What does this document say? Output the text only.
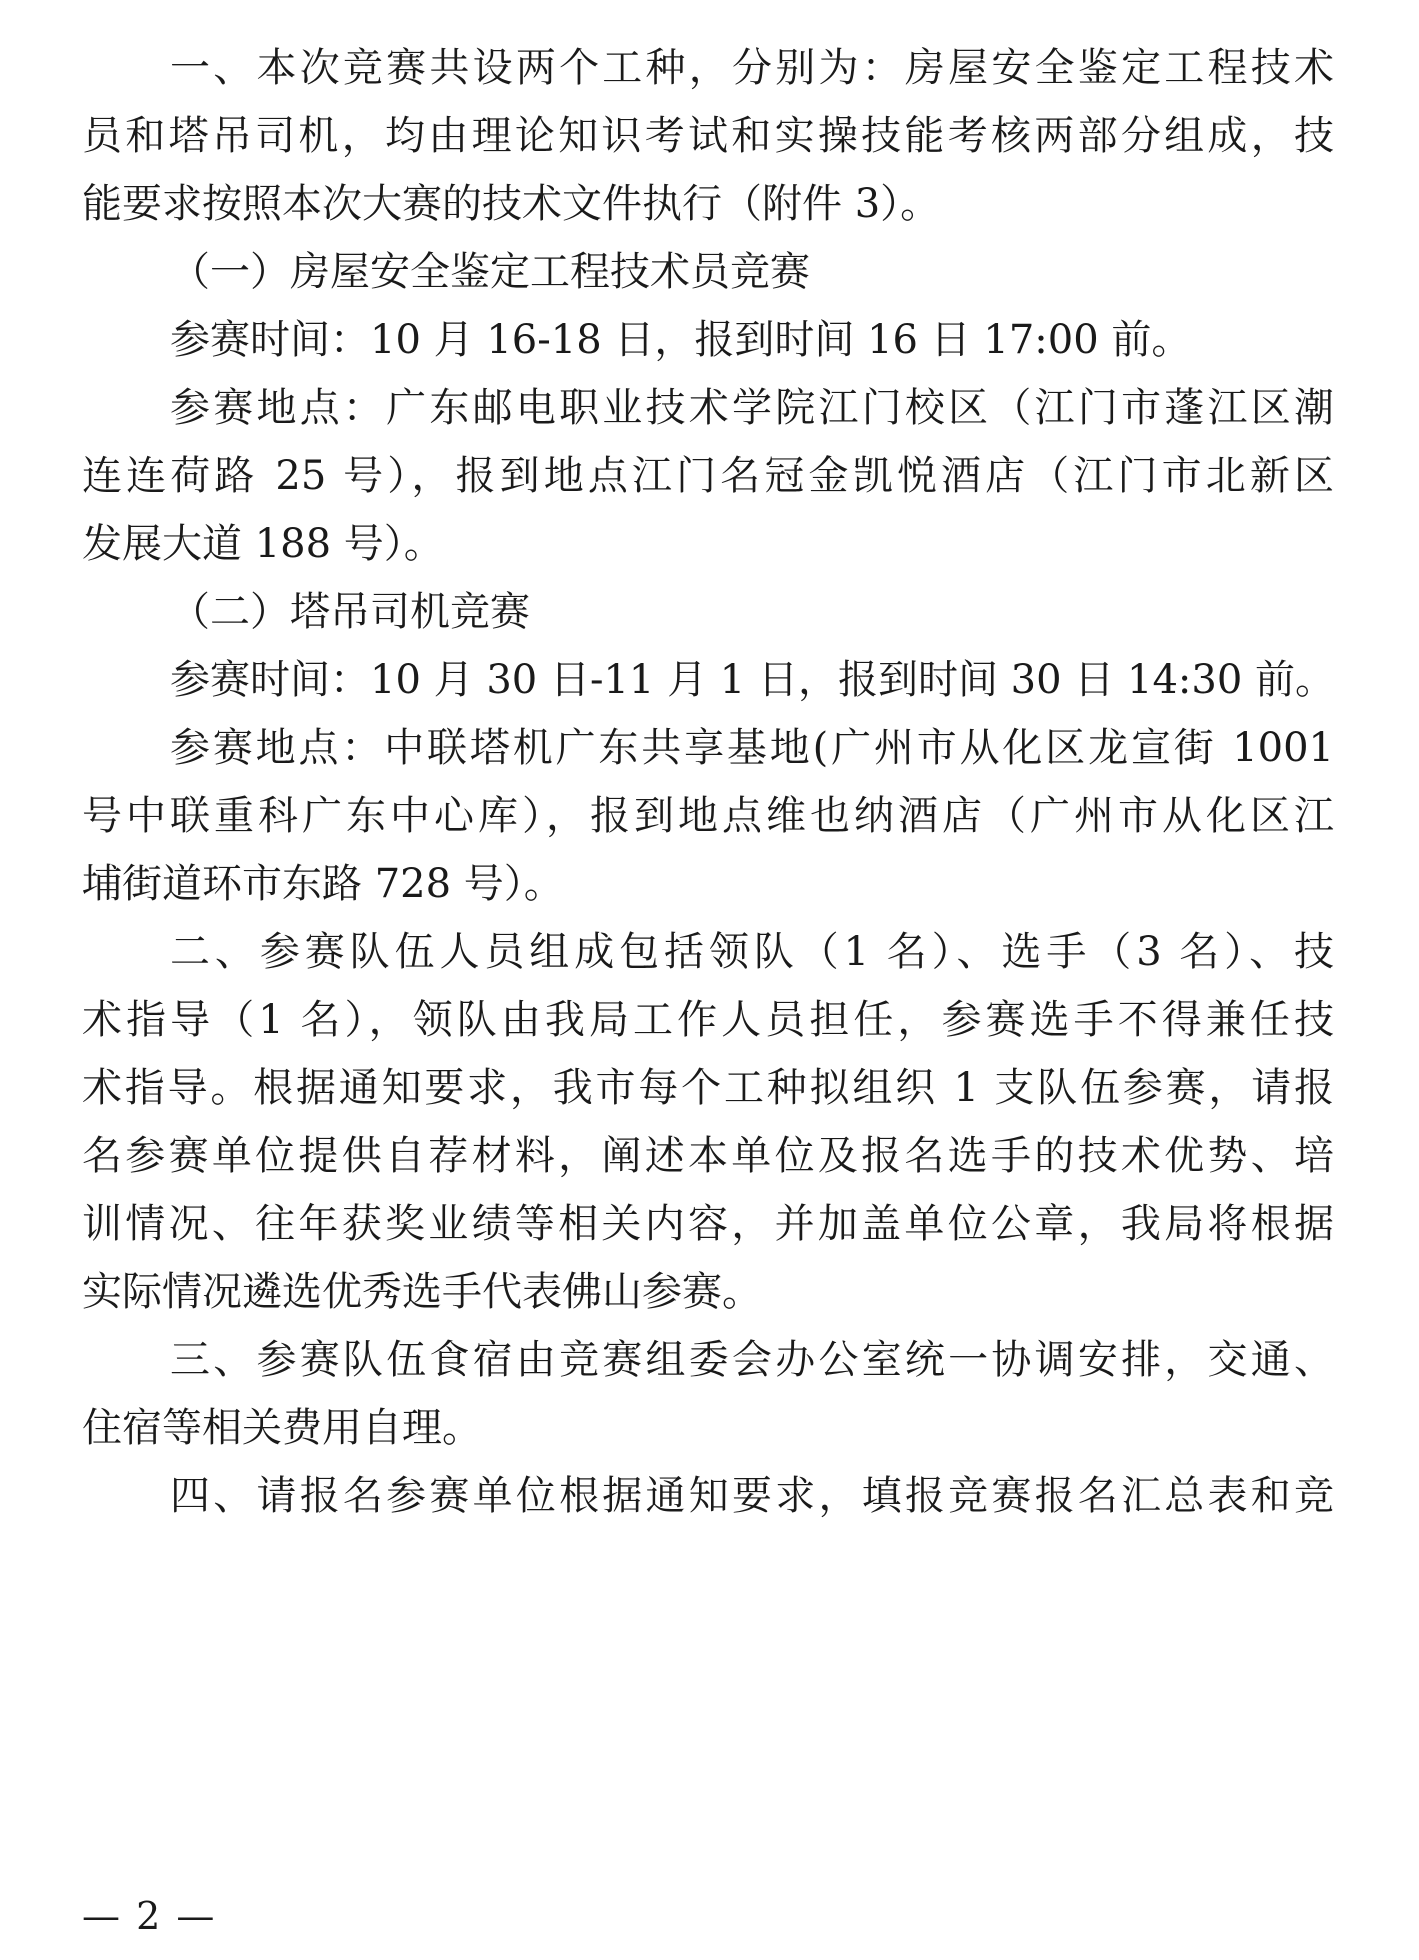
一、本次竞赛共设两个工种，分别为：房屋安全鉴定工程技术
员和塔吊司机，均由理论知识考试和实操技能考核两部分组成，技
能要求按照本次大赛的技术文件执行（附件 3）。
（一）房屋安全鉴定工程技术员竞赛
参赛时间：10 月 16-18 日，报到时间 16 日 17:00 前。
参赛地点：广东邮电职业技术学院江门校区（江门市蓬江区潮
连连荷路 25 号），报到地点江门名冠金凯悦酒店（江门市北新区
发展大道 188 号）。
（二）塔吊司机竞赛
参赛时间：10 月 30 日-11 月 1 日，报到时间 30 日 14:30 前。
参赛地点：中联塔机广东共享基地(广州市从化区龙宣街 1001
号中联重科广东中心库），报到地点维也纳酒店（广州市从化区江
埔街道环市东路 728 号）。
二、参赛队伍人员组成包括领队（1 名）、选手（3 名）、技
术指导（1 名），领队由我局工作人员担任，参赛选手不得兼任技
术指导。根据通知要求，我市每个工种拟组织 1 支队伍参赛，请报
名参赛单位提供自荐材料，阐述本单位及报名选手的技术优势、培
训情况、往年获奖业绩等相关内容，并加盖单位公章，我局将根据
实际情况遴选优秀选手代表佛山参赛。
三、参赛队伍食宿由竞赛组委会办公室统一协调安排，交通、
住宿等相关费用自理。
四、请报名参赛单位根据通知要求，填报竞赛报名汇总表和竞
— 2 —
